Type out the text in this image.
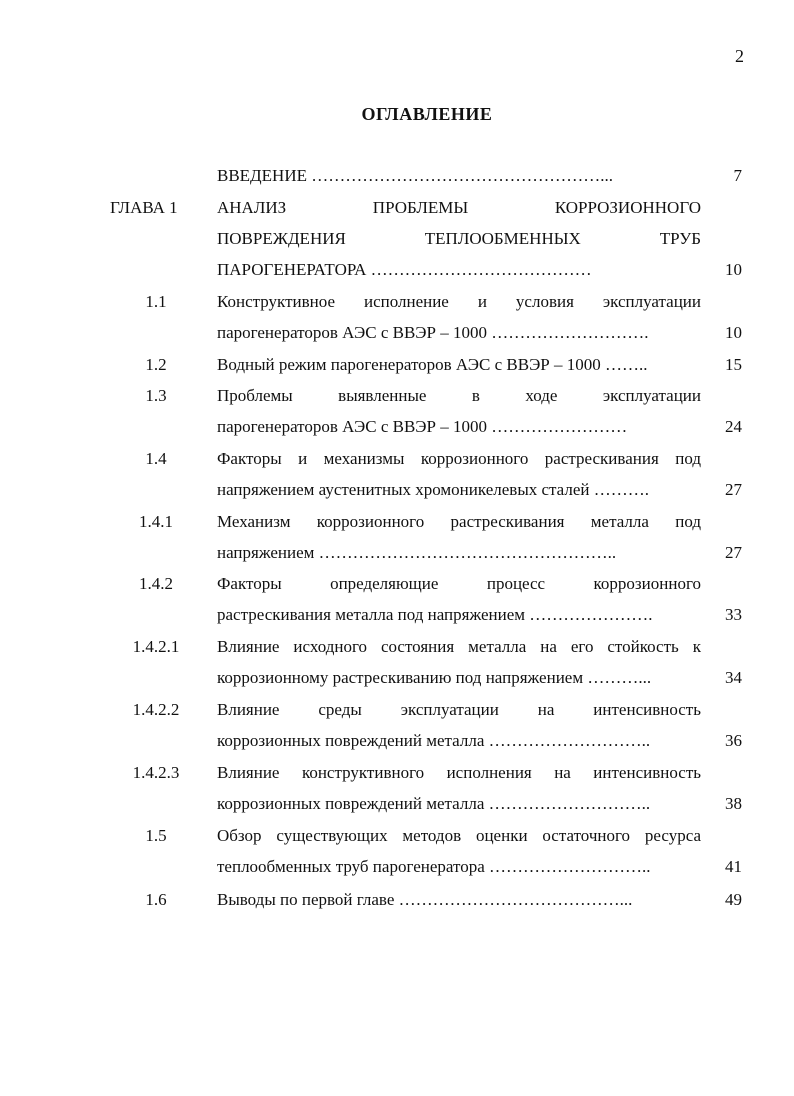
2
ОГЛАВЛЕНИЕ
ВВЕДЕНИЕ ……………………………………………...	7
ГЛАВА 1 АНАЛИЗ ПРОБЛЕМЫ КОРРОЗИОННОГО
ПОВРЕЖДЕНИЯ ТЕПЛООБМЕННЫХ ТРУБ
ПАРОГЕНЕРАТОРА …………………………………	10
1.1	Конструктивное исполнение и условия эксплуатации
парогенераторов АЭС с ВВЭР – 1000 ……………………….	10
1.2	Водный режим парогенераторов АЭС с ВВЭР – 1000 ……..	15
1.3	Проблемы выявленные в ходе эксплуатации
парогенераторов АЭС с ВВЭР – 1000 ……………………	24
1.4	Факторы и механизмы коррозионного растрескивания под
напряжением аустенитных хромоникелевых сталей ……….	27
1.4.1	Механизм коррозионного растрескивания металла под
напряжением ……………………………………………..	27
1.4.2	Факторы определяющие процесс коррозионного
растрескивания металла под напряжением ………………….	33
1.4.2.1	Влияние исходного состояния металла на его стойкость к
коррозионному растрескиванию под напряжением ………...	34
1.4.2.2	Влияние среды эксплуатации на интенсивность
коррозионных повреждений металла ………………………..	36
1.4.2.3	Влияние конструктивного исполнения на интенсивность
коррозионных повреждений металла ………………………..	38
1.5	Обзор существующих методов оценки остаточного ресурса
теплообменных труб парогенератора ………………………..	41
1.6	Выводы по первой главе …………………………………...	49
